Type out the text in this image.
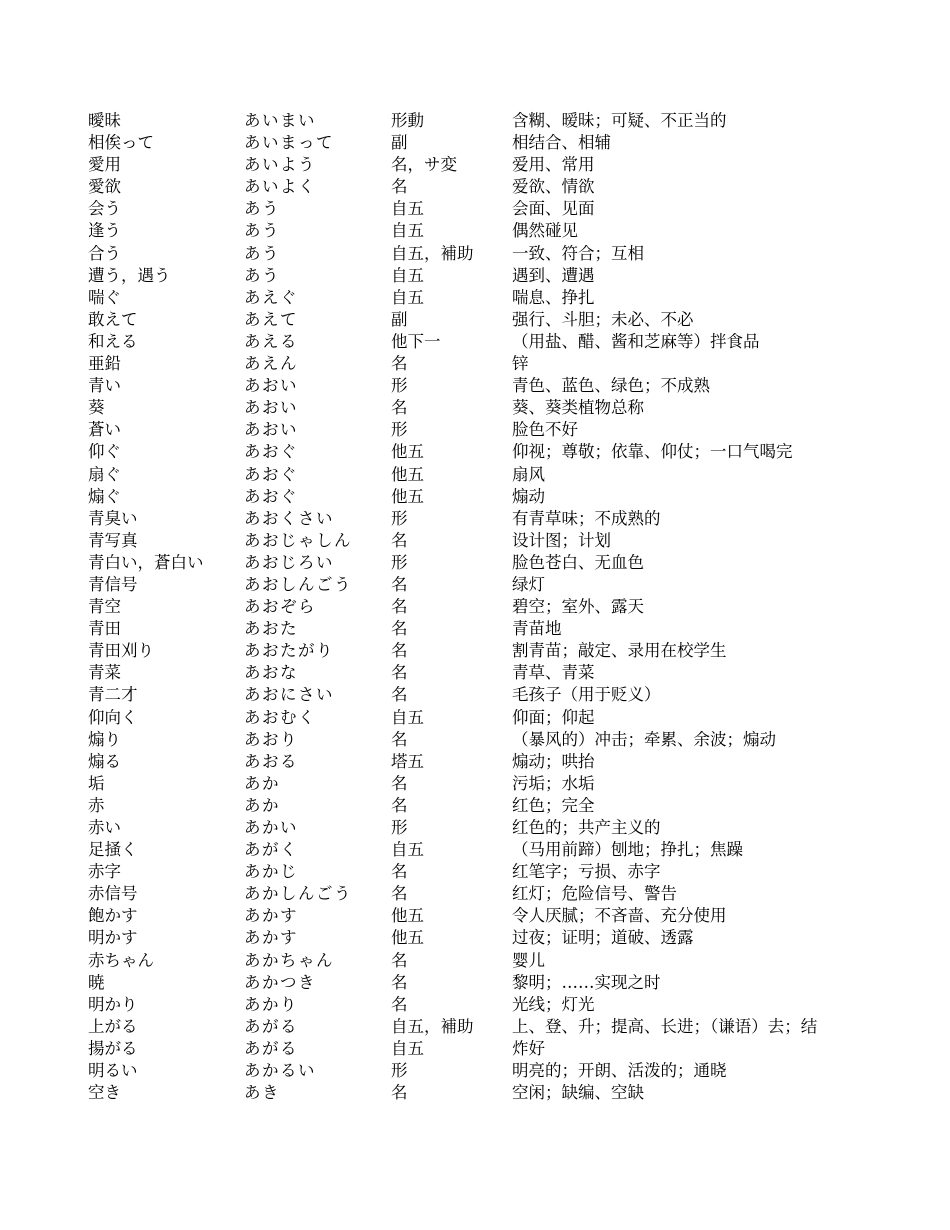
曖昧	あいまい	形動	含糊、暧昧；可疑、不正当的
相俟って	あいまって	副	相结合、相辅
愛用	あいよう	名，サ変	爱用、常用
愛欲	あいよく	名	爱欲、情欲
会う	あう	自五	会面、见面
逢う	あう	自五	偶然碰见
合う	あう	自五，補助	一致、符合；互相
遭う，遇う	あう	自五	遇到、遭遇
喘ぐ	あえぐ	自五	喘息、挣扎
敢えて	あえて	副	强行、斗胆；未必、不必
和える	あえる	他下一	（用盐、醋、酱和芝麻等）拌食品
亜鉛	あえん	名	锌
青い	あおい	形	青色、蓝色、绿色；不成熟
葵	あおい	名	葵、葵类植物总称
蒼い	あおい	形	脸色不好
仰ぐ	あおぐ	他五	仰视；尊敬；依靠、仰仗；一口气喝完
扇ぐ	あおぐ	他五	扇风
煽ぐ	あおぐ	他五	煽动
青臭い	あおくさい	形	有青草味；不成熟的
青写真	あおじゃしん	名	设计图；计划
青白い，蒼白い	あおじろい	形	脸色苍白、无血色
青信号	あおしんごう	名	绿灯
青空	あおぞら	名	碧空；室外、露天
青田	あおた	名	青苗地
青田刈り	あおたがり	名	割青苗；敲定、录用在校学生
青菜	あおな	名	青草、青菜
青二才	あおにさい	名	毛孩子（用于贬义）
仰向く	あおむく	自五	仰面；仰起
煽り	あおり	名	（暴风的）冲击；牵累、余波；煽动
煽る	あおる	塔五	煽动；哄抬
垢	あか	名	污垢；水垢
赤	あか	名	红色；完全
赤い	あかい	形	红色的；共产主义的
足掻く	あがく	自五	（马用前蹄）刨地；挣扎；焦躁
赤字	あかじ	名	红笔字；亏损、赤字
赤信号	あかしんごう	名	红灯；危险信号、警告
飽かす	あかす	他五	令人厌腻；不吝啬、充分使用
明かす	あかす	他五	过夜；证明；道破、透露
赤ちゃん	あかちゃん	名	婴儿
暁	あかつき	名	黎明；……实现之时
明かり	あかり	名	光线；灯光
上がる	あがる	自五，補助	上、登、升；提高、长进；（谦语）去；结
揚がる	あがる	自五	炸好
明るい	あかるい	形	明亮的；开朗、活泼的；通晓
空き	あき	名	空闲；缺编、空缺
